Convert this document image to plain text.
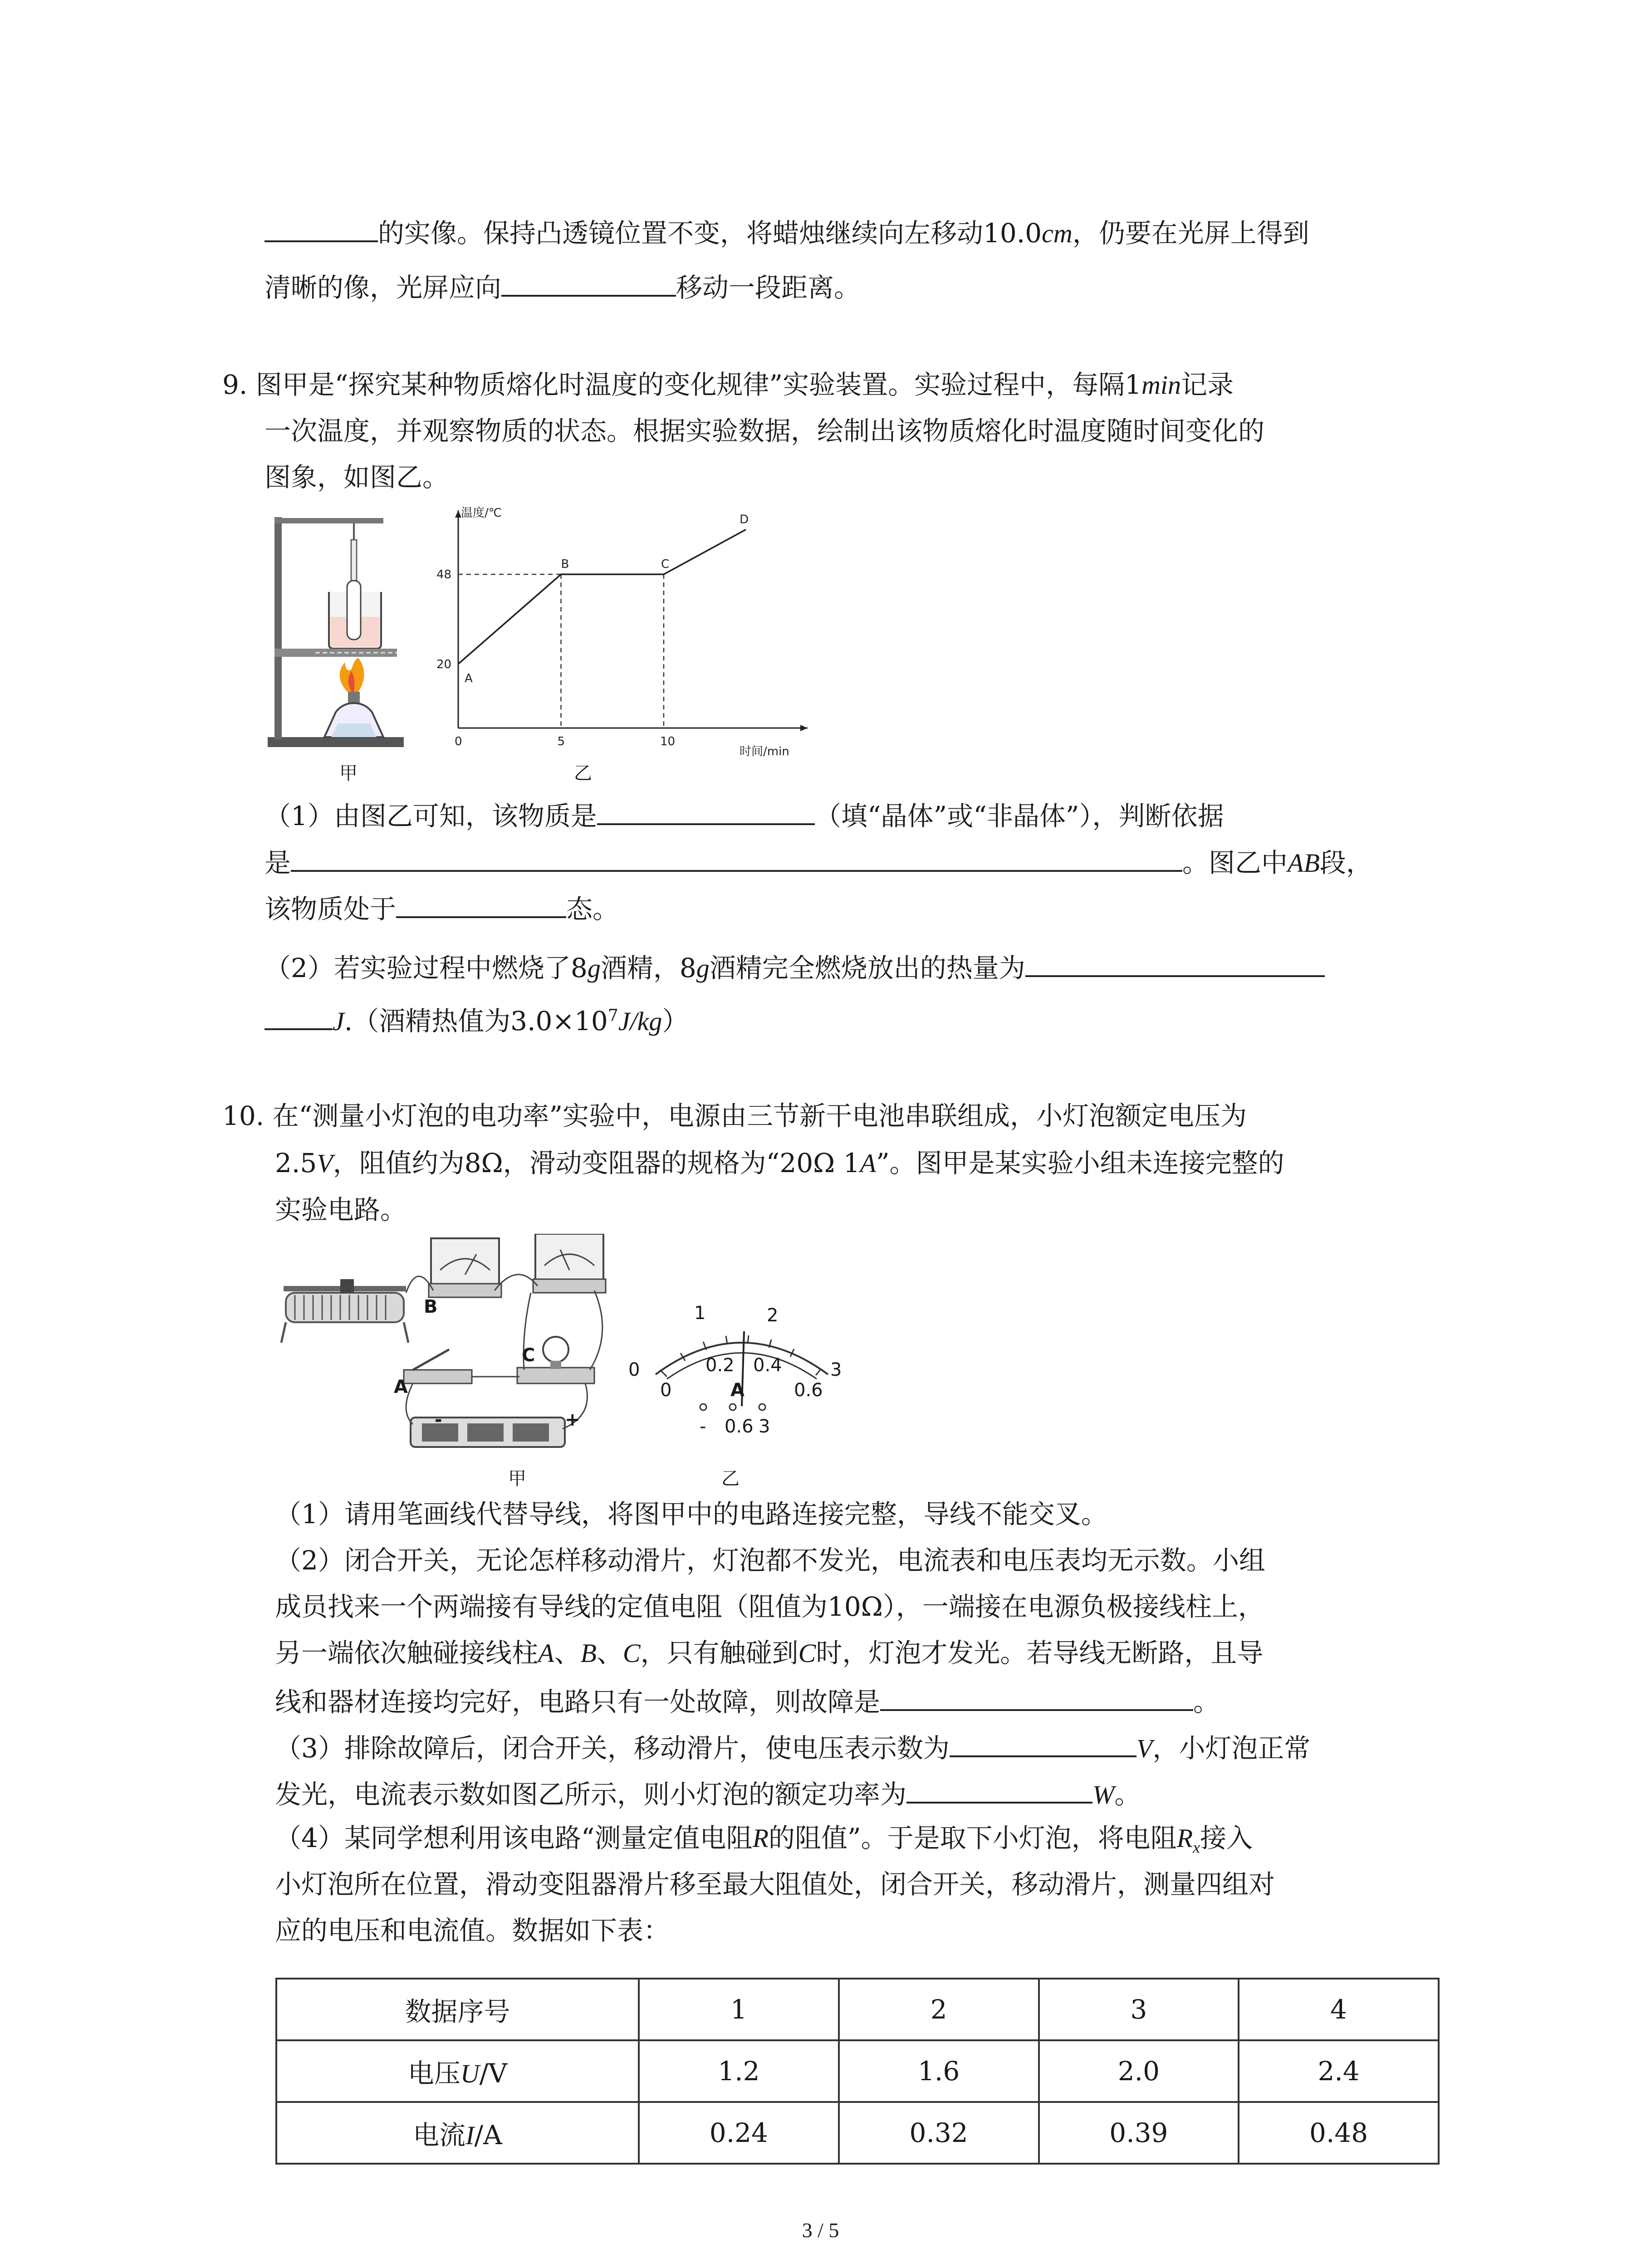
的实像。保持凸透镜位置不变，将蜡烛继续向左移动10.0cm，仍要在光屏上得到
清晰的像，光屏应向	移动一段距离。
9. 图甲是“探究某种物质熔化时温度的变化规律”实验装置。实验过程中，每隔1min记录
一次温度，并观察物质的状态。根据实验数据，绘制出该物质熔化时温度随时间变化的
图象，如图乙。
甲
温度/℃
时间/min
0	5	10
20
48
A
B	C
D
乙
（1）由图乙可知，该物质是	（填“晶体”或“非晶体”），判断依据
是	。图乙中AB段，
该物质处于	态。
（2）若实验过程中燃烧了8g酒精，8g酒精完全燃烧放出的热量为
J.（酒精热值为$3.0\times 10^7J/kg$）
10. 在“测量小灯泡的电功率”实验中，电源由三节新干电池串联组成，小灯泡额定电压为
2.5V，阻值约为8Ω，滑动变阻器的规格为“20Ω 1A”。图甲是某实验小组未连接完整的
实验电路。
B
C
A
-	+
甲
0
1	2
3
0
0.2 0.4
0.6
A
- 0.6 3
乙
（1）请用笔画线代替导线，将图甲中的电路连接完整，导线不能交叉。
（2）闭合开关，无论怎样移动滑片，灯泡都不发光，电流表和电压表均无示数。小组
成员找来一个两端接有导线的定值电阻（阻值为10Ω），一端接在电源负极接线柱上，
另一端依次触碰接线柱A、B、C，只有触碰到C时，灯泡才发光。若导线无断路，且导
线和器材连接均完好，电路只有一处故障，则故障是	。
（3）排除故障后，闭合开关，移动滑片，使电压表示数为	V，小灯泡正常
发光，电流表示数如图乙所示，则小灯泡的额定功率为	W。
（4）某同学想利用该电路“测量定值电阻R的阻值”。于是取下小灯泡，将电阻$R_x$接入
小灯泡所在位置，滑动变阻器滑片移至最大阻值处，闭合开关，移动滑片，测量四组对
应的电压和电流值。数据如下表：
数据序号	1	2	3	4
电压U/V	1.2	1.6	2.0	2.4
电流I/A	0.24	0.32	0.39	0.48
3 / 5
